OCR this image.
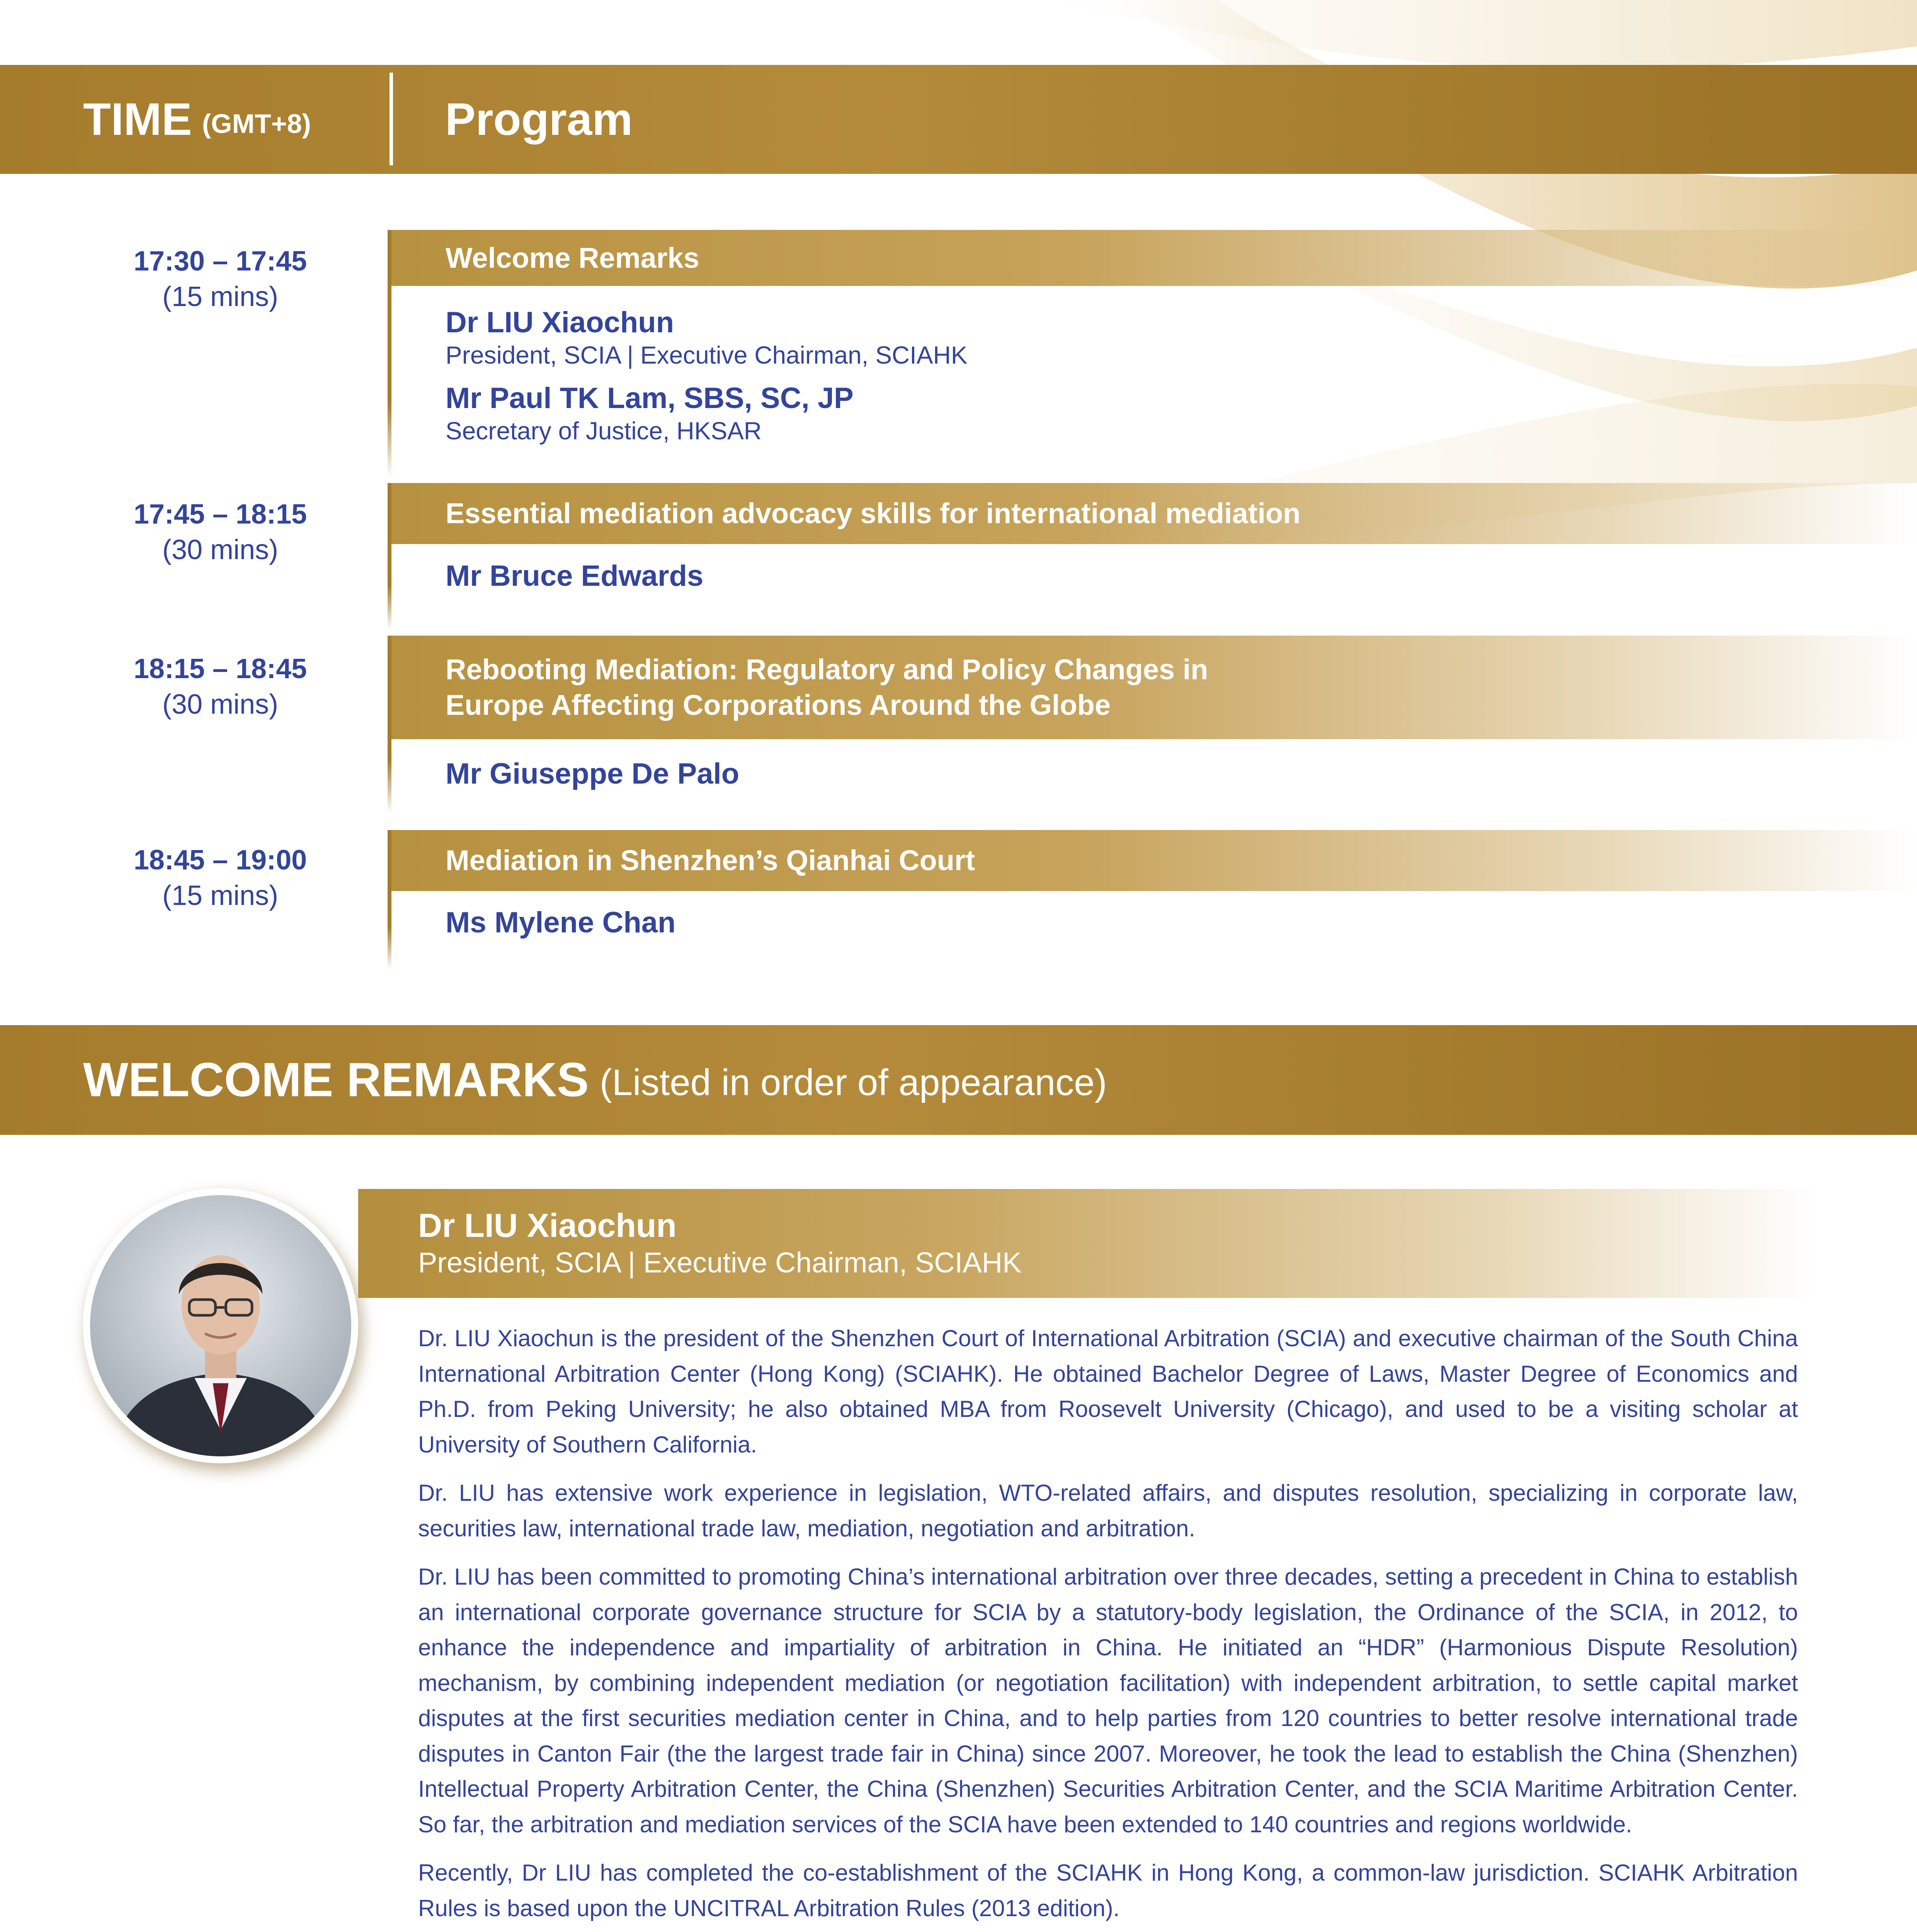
TIME (GMT+8)	Program
17:30 – 17:45
(15 mins)
Welcome Remarks
Dr LIU Xiaochun
President, SCIA | Executive Chairman, SCIAHK
Mr Paul TK Lam, SBS, SC, JP
Secretary of Justice, HKSAR
17:45 – 18:15
(30 mins)
Essential mediation advocacy skills for international mediation
Mr Bruce Edwards
18:15 – 18:45
(30 mins)
Rebooting Mediation: Regulatory and Policy Changes in
Europe Affecting Corporations Around the Globe
Mr Giuseppe De Palo
18:45 – 19:00
(15 mins)
Mediation in Shenzhen’s Qianhai Court
Ms Mylene Chan
WELCOME REMARKS (Listed in order of appearance)
Dr LIU Xiaochun
President, SCIA | Executive Chairman, SCIAHK

Dr. LIU Xiaochun is the president of the Shenzhen Court of International Arbitration (SCIA) and executive chairman of the South China International Arbitration Center (Hong Kong) (SCIAHK). He obtained Bachelor Degree of Laws, Master Degree of Economics and Ph.D. from Peking University; he also obtained MBA from Roosevelt University (Chicago), and used to be a visiting scholar at University of Southern California.

Dr. LIU has extensive work experience in legislation, WTO-related affairs, and disputes resolution, specializing in corporate law, securities law, international trade law, mediation, negotiation and arbitration.

Dr. LIU has been committed to promoting China’s international arbitration over three decades, setting a precedent in China to establish an international corporate governance structure for SCIA by a statutory-body legislation, the Ordinance of the SCIA, in 2012, to enhance the independence and impartiality of arbitration in China. He initiated an “HDR” (Harmonious Dispute Resolution) mechanism, by combining independent mediation (or negotiation facilitation) with independent arbitration, to settle capital market disputes at the first securities mediation center in China, and to help parties from 120 countries to better resolve international trade disputes in Canton Fair (the the largest trade fair in China) since 2007. Moreover, he took the lead to establish the China (Shenzhen) Intellectual Property Arbitration Center, the China (Shenzhen) Securities Arbitration Center, and the SCIA Maritime Arbitration Center. So far, the arbitration and mediation services of the SCIA have been extended to 140 countries and regions worldwide.

Recently, Dr LIU has completed the co-establishment of the SCIAHK in Hong Kong, a common-law jurisdiction. SCIAHK Arbitration Rules is based upon the UNCITRAL Arbitration Rules (2013 edition).
